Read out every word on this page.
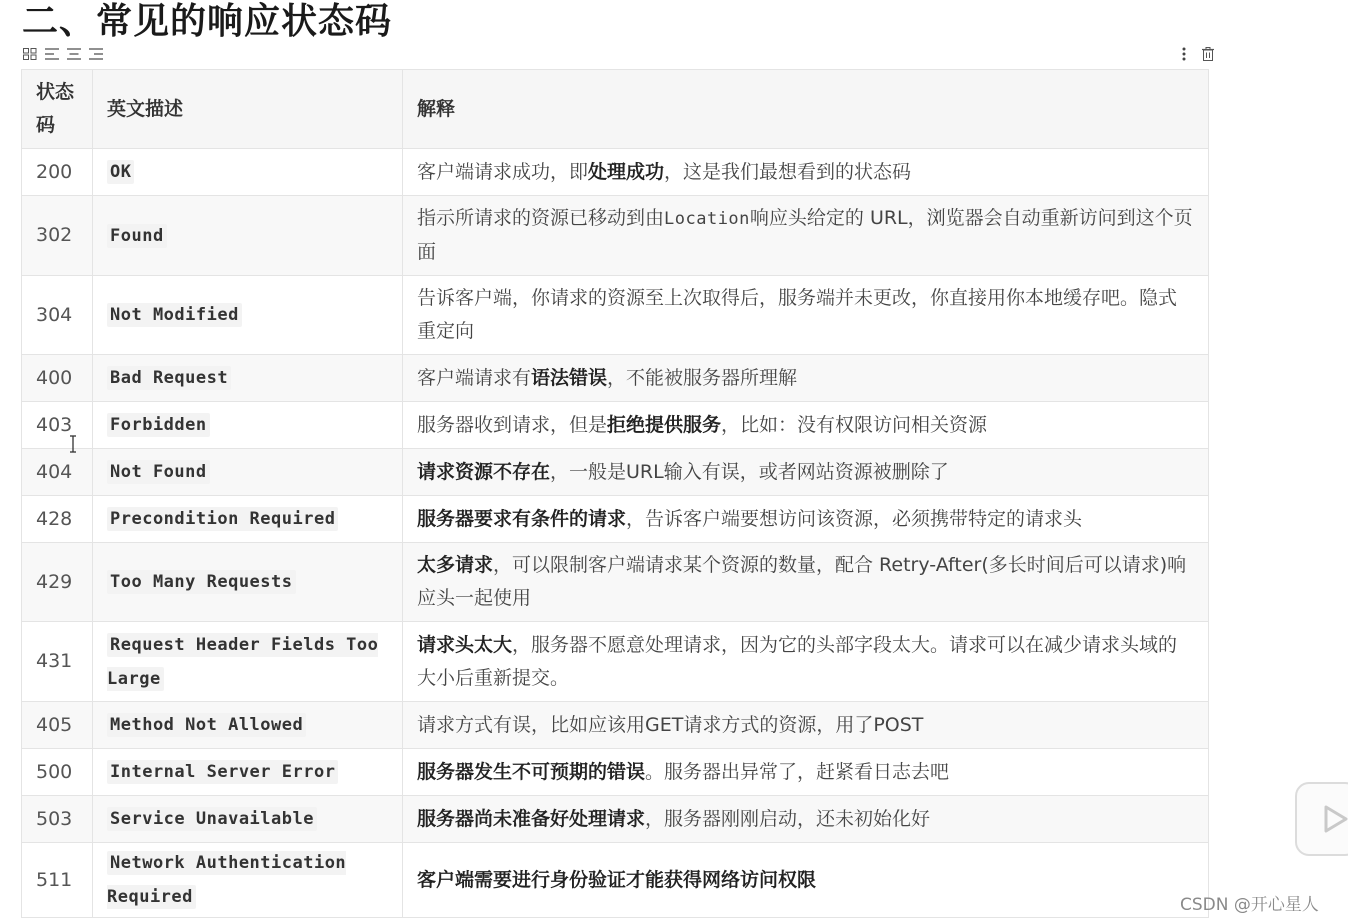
二、常见的响应状态码
状态码	英文描述	解释
200	OK	客户端请求成功，即处理成功，这是我们最想看到的状态码
302	Found	指示所请求的资源已移动到由Location响应头给定的 URL，浏览器会自动重新访问到这个页面
304	Not Modified	告诉客户端，你请求的资源至上次取得后，服务端并未更改，你直接用你本地缓存吧。隐式重定向
400	Bad Request	客户端请求有语法错误，不能被服务器所理解
403	Forbidden	服务器收到请求，但是拒绝提供服务，比如：没有权限访问相关资源
404	Not Found	请求资源不存在，一般是URL输入有误，或者网站资源被删除了
428	Precondition Required	服务器要求有条件的请求，告诉客户端要想访问该资源，必须携带特定的请求头
429	Too Many Requests	太多请求，可以限制客户端请求某个资源的数量，配合 Retry-After(多长时间后可以请求)响应头一起使用
431	Request Header Fields Too Large	请求头太大，服务器不愿意处理请求，因为它的头部字段太大。请求可以在减少请求头域的大小后重新提交。
405	Method Not Allowed	请求方式有误，比如应该用GET请求方式的资源，用了POST
500	Internal Server Error	服务器发生不可预期的错误。服务器出异常了，赶紧看日志去吧
503	Service Unavailable	服务器尚未准备好处理请求，服务器刚刚启动，还未初始化好
511	Network Authentication Required	客户端需要进行身份验证才能获得网络访问权限
CSDN @开心星人
